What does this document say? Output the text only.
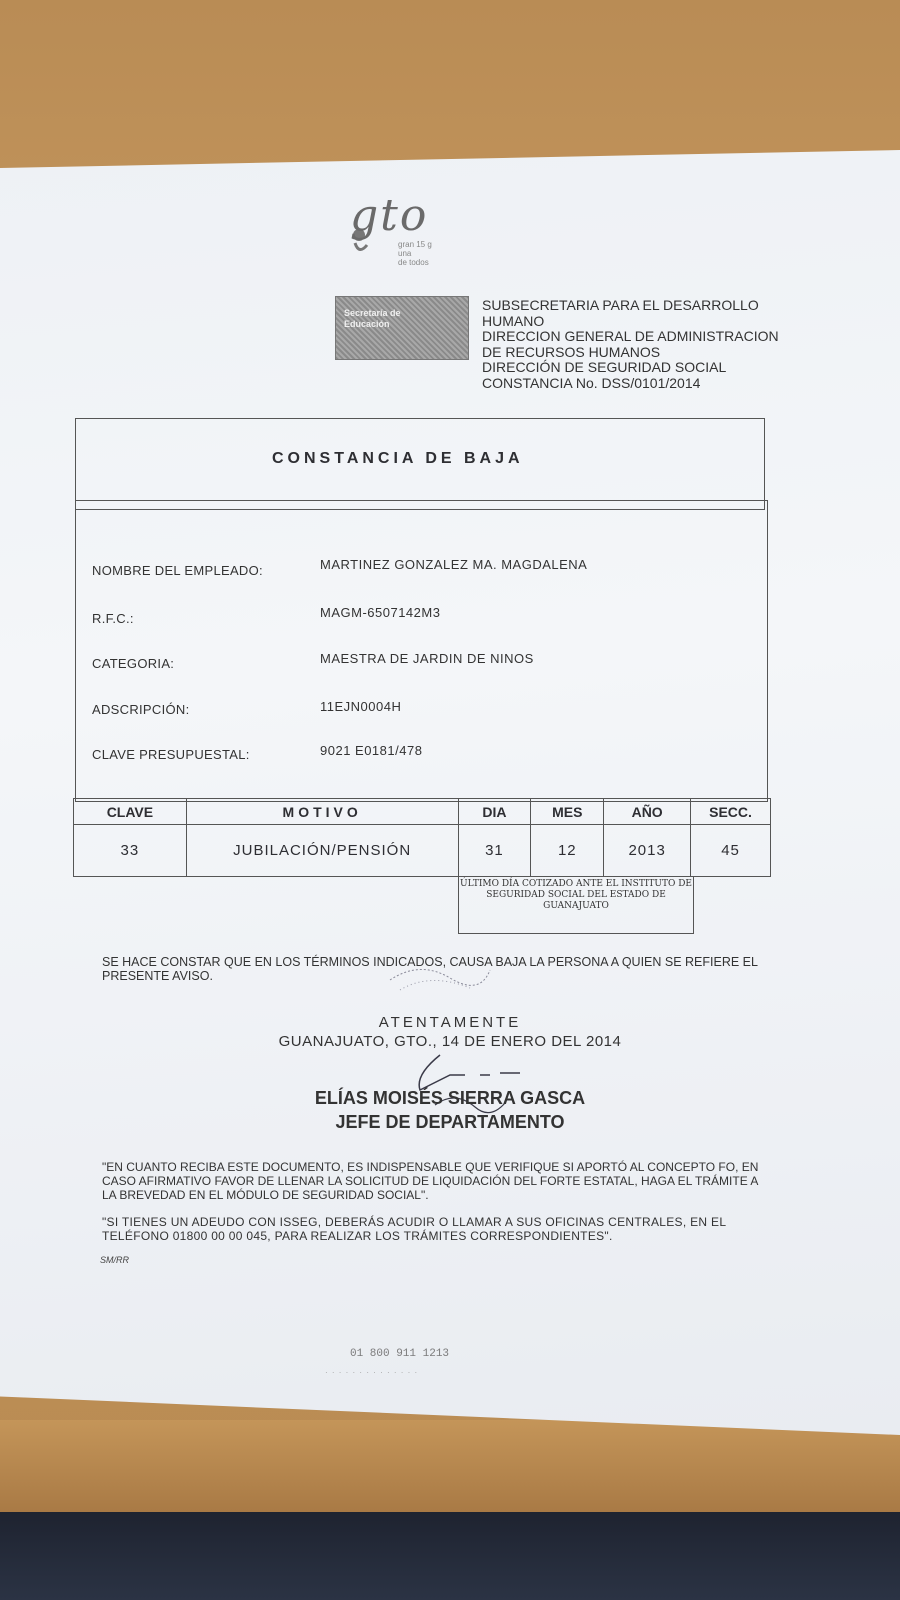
gto
gran 15 g
una
de todos
Secretaría de Educación
SUBSECRETARIA PARA EL DESARROLLO
HUMANO
DIRECCION GENERAL DE ADMINISTRACION
DE RECURSOS HUMANOS
DIRECCIÓN DE SEGURIDAD SOCIAL
CONSTANCIA No. DSS/0101/2014
CONSTANCIA DE BAJA
NOMBRE DEL EMPLEADO:	MARTINEZ GONZALEZ MA. MAGDALENA
R.F.C.:	MAGM-6507142M3
CATEGORIA:	MAESTRA DE JARDIN DE NINOS
ADSCRIPCIÓN:	11EJN0004H
CLAVE PRESUPUESTAL:	9021 E0181/478
CLAVE	MOTIVO	DIA	MES	AÑO	SECC.
33	JUBILACIÓN/PENSIÓN	31	12	2013	45
ÚLTIMO DÍA COTIZADO ANTE EL INSTITUTO DE SEGURIDAD SOCIAL DEL ESTADO DE GUANAJUATO
SE HACE CONSTAR QUE EN LOS TÉRMINOS INDICADOS, CAUSA BAJA LA PERSONA A QUIEN SE REFIERE EL PRESENTE AVISO.
ATENTAMENTE
GUANAJUATO, GTO., 14 DE ENERO DEL 2014
ELÍAS MOISÉS SIERRA GASCA
JEFE DE DEPARTAMENTO
"EN CUANTO RECIBA ESTE DOCUMENTO, ES INDISPENSABLE QUE VERIFIQUE SI APORTÓ AL CONCEPTO FO, EN CASO AFIRMATIVO FAVOR DE LLENAR LA SOLICITUD DE LIQUIDACIÓN DEL FORTE ESTATAL, HAGA EL TRÁMITE A LA BREVEDAD EN EL MÓDULO DE SEGURIDAD SOCIAL".
"SI TIENES UN ADEUDO CON ISSEG, DEBERÁS ACUDIR O LLAMAR A SUS OFICINAS CENTRALES, EN EL TELÉFONO 01800 00 00 045, PARA REALIZAR LOS TRÁMITES CORRESPONDIENTES".
SM/RR
01 800 911 1213
· · · · · · · · · · · · · ·
